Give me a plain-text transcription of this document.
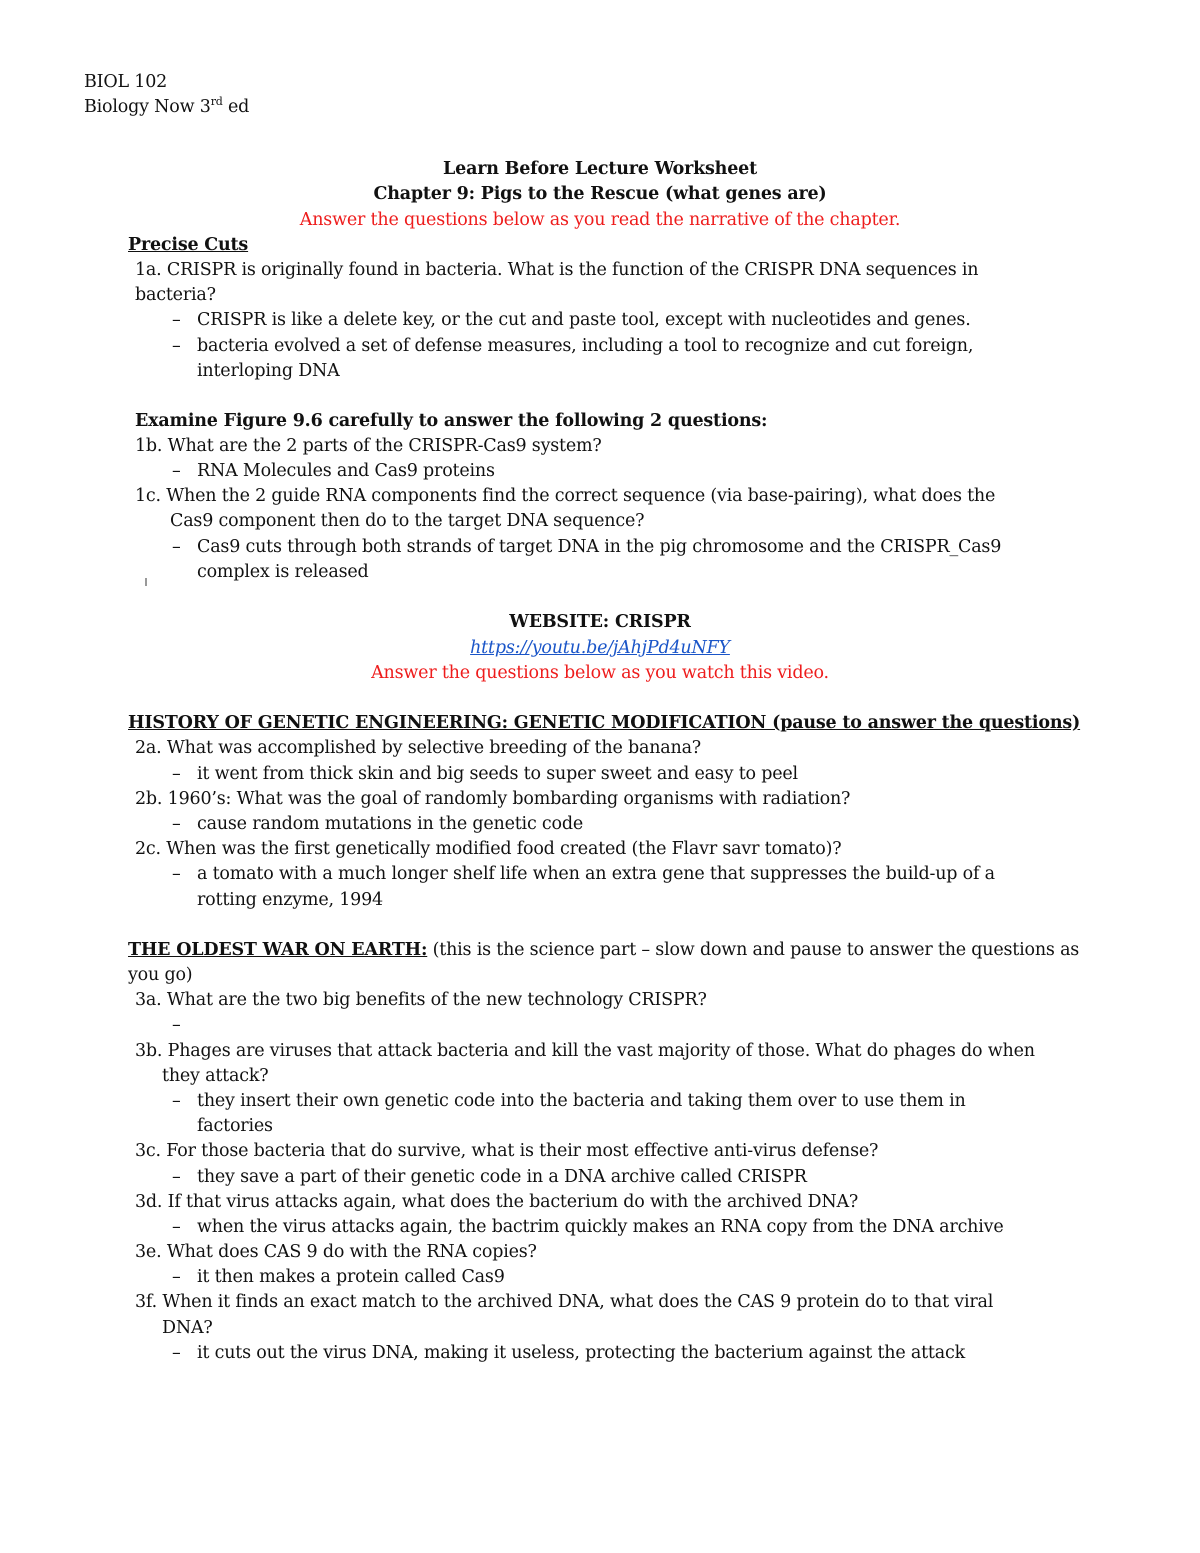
BIOL 102
Biology Now 3rd ed
Learn Before Lecture Worksheet
Chapter 9: Pigs to the Rescue (what genes are)
Answer the questions below as you read the narrative of the chapter.
Precise Cuts
1a. CRISPR is originally found in bacteria. What is the function of the CRISPR DNA sequences in
bacteria?
–
CRISPR is like a delete key, or the cut and paste tool, except with nucleotides and genes.
–
bacteria evolved a set of defense measures, including a tool to recognize and cut foreign,
interloping DNA
Examine Figure 9.6 carefully to answer the following 2 questions:
1b. What are the 2 parts of the CRISPR-Cas9 system?
–
RNA Molecules and Cas9 proteins
1c. When the 2 guide RNA components find the correct sequence (via base-pairing), what does the
Cas9 component then do to the target DNA sequence?
–
Cas9 cuts through both strands of target DNA in the pig chromosome and the CRISPR_Cas9
complex is released
WEBSITE: CRISPR
https://youtu.be/jAhjPd4uNFY
Answer the questions below as you watch this video.
HISTORY OF GENETIC ENGINEERING: GENETIC MODIFICATION (pause to answer the questions)
2a. What was accomplished by selective breeding of the banana?
–
it went from thick skin and big seeds to super sweet and easy to peel
2b. 1960’s: What was the goal of randomly bombarding organisms with radiation?
–
cause random mutations in the genetic code
2c. When was the first genetically modified food created (the Flavr savr tomato)?
–
a tomato with a much longer shelf life when an extra gene that suppresses the build-up of a
rotting enzyme, 1994
THE OLDEST WAR ON EARTH: (this is the science part – slow down and pause to answer the questions as
you go)
3a. What are the two big benefits of the new technology CRISPR?
–
3b. Phages are viruses that attack bacteria and kill the vast majority of those. What do phages do when
they attack?
–
they insert their own genetic code into the bacteria and taking them over to use them in
factories
3c. For those bacteria that do survive, what is their most effective anti-virus defense?
–
they save a part of their genetic code in a DNA archive called CRISPR
3d. If that virus attacks again, what does the bacterium do with the archived DNA?
–
when the virus attacks again, the bactrim quickly makes an RNA copy from the DNA archive
3e. What does CAS 9 do with the RNA copies?
–
it then makes a protein called Cas9
3f. When it finds an exact match to the archived DNA, what does the CAS 9 protein do to that viral
DNA?
–
it cuts out the virus DNA, making it useless, protecting the bacterium against the attack
